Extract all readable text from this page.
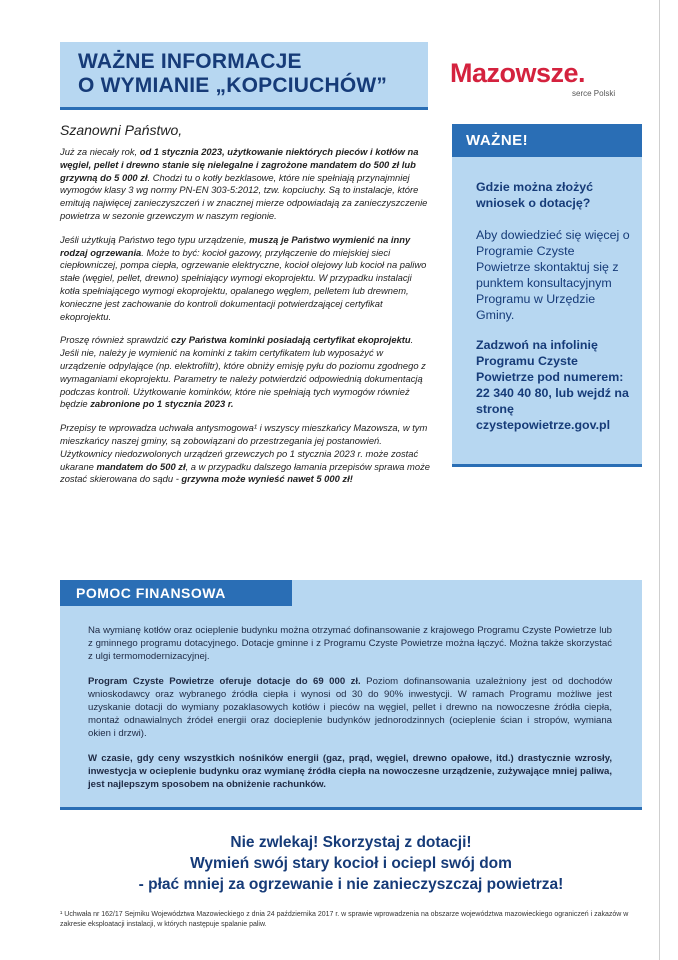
WAŻNE INFORMACJE
O WYMIANIE „KOPCIUCHÓW”	Mazowsze.
serce Polski
Szanowni Państwo,

Już za niecały rok, od 1 stycznia 2023, użytkowanie niektórych pieców i kotłów na węgiel, pellet i drewno stanie się nielegalne i zagrożone mandatem do 500 zł lub grzywną do 5 000 zł. Chodzi tu o kotły bezklasowe, które nie spełniają przynajmniej wymogów klasy 3 wg normy PN-EN 303-5:2012, tzw. kopciuchy. Są to instalacje, które emitują najwięcej zanieczyszczeń i w znacznej mierze odpowiadają za zanieczyszczenie powietrza w sezonie grzewczym w naszym regionie.

Jeśli użytkują Państwo tego typu urządzenie, muszą je Państwo wymienić na inny rodzaj ogrzewania. Może to być: kocioł gazowy, przyłączenie do miejskiej sieci ciepłowniczej, pompa ciepła, ogrzewanie elektryczne, kocioł olejowy lub kocioł na paliwo stałe (węgiel, pellet, drewno) spełniający wymogi ekoprojektu. W przypadku instalacji kotła spełniającego wymogi ekoprojektu, opalanego węglem, pelletem lub drewnem, konieczne jest zachowanie do kontroli dokumentacji potwierdzającej certyfikat ekoprojektu.

Proszę również sprawdzić czy Państwa kominki posiadają certyfikat ekoprojektu. Jeśli nie, należy je wymienić na kominki z takim certyfikatem lub wyposażyć w urządzenie odpylające (np. elektrofiltr), które obniży emisję pyłu do poziomu zgodnego z wymaganiami ekoprojektu. Parametry te należy potwierdzić odpowiednią dokumentacją podczas kontroli. Użytkowanie kominków, które nie spełniają tych wymogów również będzie zabronione po 1 stycznia 2023 r.

Przepisy te wprowadza uchwała antysmogowa¹ i wszyscy mieszkańcy Mazowsza, w tym mieszkańcy naszej gminy, są zobowiązani do przestrzegania jej postanowień. Użytkownicy niedozwolonych urządzeń grzewczych po 1 stycznia 2023 r. może zostać ukarane mandatem do 500 zł, a w przypadku dalszego łamania przepisów sprawa może zostać skierowana do sądu - grzywna może wynieść nawet 5 000 zł!

WAŻNE!
Gdzie można złożyć wniosek o dotację?
Aby dowiedzieć się więcej o Programie Czyste Powietrze skontaktuj się z punktem konsultacyjnym Programu w Urzędzie Gminy.
Zadzwoń na infolinię Programu Czyste Powietrze pod numerem: 22 340 40 80, lub wejdź na stronę czystepowietrze.gov.pl
POMOC FINANSOWA

Na wymianę kotłów oraz ocieplenie budynku można otrzymać dofinansowanie z krajowego Programu Czyste Powietrze lub z gminnego programu dotacyjnego. Dotacje gminne i z Programu Czyste Powietrze można łączyć. Można także skorzystać z ulgi termomodernizacyjnej.

Program Czyste Powietrze oferuje dotacje do 69 000 zł. Poziom dofinansowania uzależniony jest od dochodów wnioskodawcy oraz wybranego źródła ciepła i wynosi od 30 do 90% inwestycji. W ramach Programu możliwe jest uzyskanie dotacji do wymiany pozaklasowych kotłów i pieców na węgiel, pellet i drewno na nowoczesne źródła ciepła, montaż odnawialnych źródeł energii oraz docieplenie budynków jednorodzinnych (ocieplenie ścian i stropów, wymiana okien i drzwi).

W czasie, gdy ceny wszystkich nośników energii (gaz, prąd, węgiel, drewno opałowe, itd.) drastycznie wzrosły, inwestycja w ocieplenie budynku oraz wymianę źródła ciepła na nowoczesne urządzenie, zużywające mniej paliwa, jest najlepszym sposobem na obniżenie rachunków.

Nie zwlekaj! Skorzystaj z dotacji!
Wymień swój stary kocioł i ociepl swój dom
- płać mniej za ogrzewanie i nie zanieczyszczaj powietrza!
¹ Uchwała nr 162/17 Sejmiku Województwa Mazowieckiego z dnia 24 października 2017 r. w sprawie wprowadzenia na obszarze województwa mazowieckiego ograniczeń i zakazów w zakresie eksploatacji instalacji, w których następuje spalanie paliw.
